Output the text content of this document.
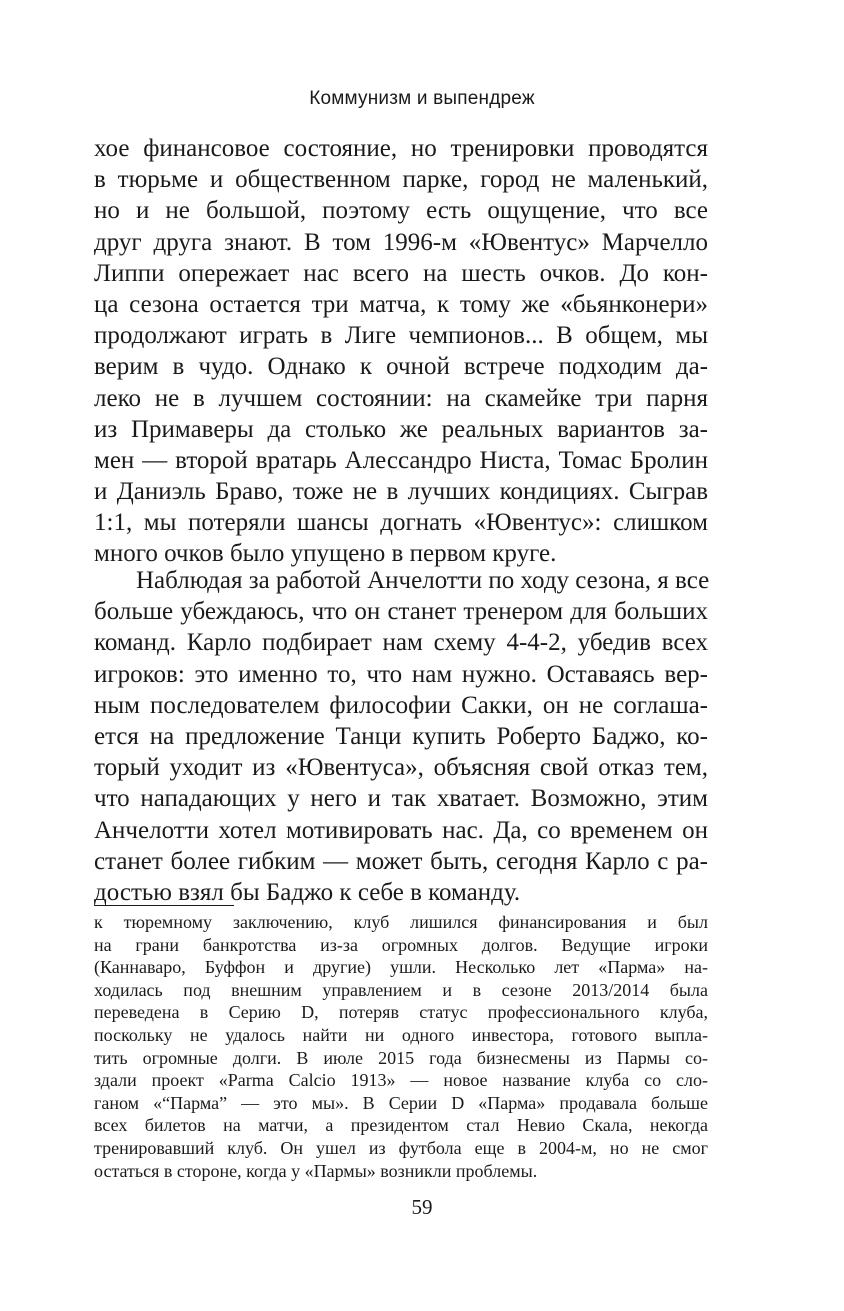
Коммунизм и выпендреж
хое финансовое состояние, но тренировки проводятся
в тюрьме и общественном парке, город не маленький,
но и не большой, поэтому есть ощущение, что все
друг друга знают. В том 1996-м «Ювентус» Марчелло
Липпи опережает нас всего на шесть очков. До кон-
ца сезона остается три матча, к тому же «бьянконери»
продолжают играть в Лиге чемпионов... В общем, мы
верим в чудо. Однако к очной встрече подходим да-
леко не в лучшем состоянии: на скамейке три парня
из Примаверы да столько же реальных вариантов за-
мен — второй вратарь Алессандро Ниста, Томас Бролин
и Даниэль Браво, тоже не в лучших кондициях. Сыграв
1:1, мы потеряли шансы догнать «Ювентус»: слишком
много очков было упущено в первом круге.
Наблюдая за работой Анчелотти по ходу сезона, я все
больше убеждаюсь, что он станет тренером для больших
команд. Карло подбирает нам схему 4-4-2, убедив всех
игроков: это именно то, что нам нужно. Оставаясь вер-
ным последователем философии Сакки, он не соглаша-
ется на предложение Танци купить Роберто Баджо, ко-
торый уходит из «Ювентуса», объясняя свой отказ тем,
что нападающих у него и так хватает. Возможно, этим
Анчелотти хотел мотивировать нас. Да, со временем он
станет более гибким — может быть, сегодня Карло с ра-
достью взял бы Баджо к себе в команду.
к тюремному заключению, клуб лишился финансирования и был
на грани банкротства из-за огромных долгов. Ведущие игроки
(Каннаваро, Буффон и другие) ушли. Несколько лет «Парма» на-
ходилась под внешним управлением и в сезоне 2013/2014 была
переведена в Серию D, потеряв статус профессионального клуба,
поскольку не удалось найти ни одного инвестора, готового выпла-
тить огромные долги. В июле 2015 года бизнесмены из Пармы со-
здали проект «Parma Calcio 1913» — новое название клуба со сло-
ганом «“Парма” — это мы». В Серии D «Парма» продавала больше
всех билетов на матчи, а президентом стал Невио Скала, некогда
тренировавший клуб. Он ушел из футбола еще в 2004-м, но не смог
остаться в стороне, когда у «Пармы» возникли проблемы.
59
